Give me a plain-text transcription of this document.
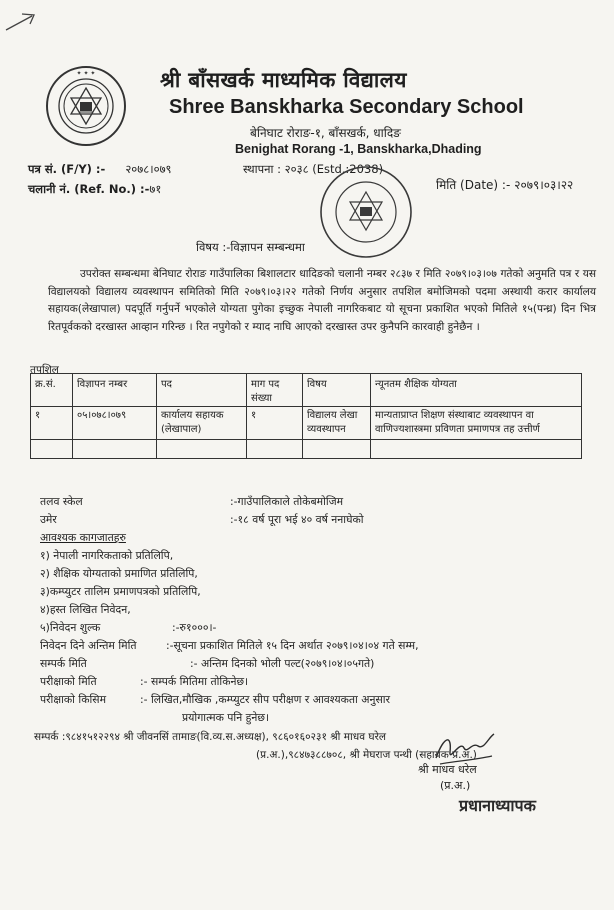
✦ ✦ ✦	श्री बाँसखर्क माध्यमिक विद्यालय
Shree Banskharka Secondary School
बेनिघाट रोराङ-१, बाँसखर्क, धादिङ
Benighat Rorang -1, Banskharka,Dhading
पत्र सं. (F/Y) :- २०७८।०७९	स्थापना : २०३८ (Estd.:2038)
चलानी नं. (Ref. No.) :-७१	मिति (Date) :- २०७९।०३।२२
विषय :-विज्ञापन सम्बन्धमा
उपरोक्त सम्बन्धमा बेनिघाट रोराङ गाउँपालिका बिशालटार धादिङको चलानी नम्बर २८३७ र मिति २०७९।०३।०७ गतेको अनुमति पत्र र यस विद्यालयको विद्यालय व्यवस्थापन समितिको मिति २०७९।०३।२२ गतेको निर्णय अनुसार तपशिल बमोजिमको पदमा अस्थायी करार कार्यालय सहायक(लेखापाल) पदपूर्ति गर्नुपर्ने भएकोले योग्यता पुगेका इच्छुक नेपाली नागरिकबाट यो सूचना प्रकाशित भएको मितिले १५(पन्ध्र) दिन भित्र रितपूर्वकको दरखास्त आव्हान गरिन्छ । रित नपुगेको र म्याद नाघि आएको दरखास्त उपर कुनैपनि कारवाही हुनेछैन ।
तपशिल
क्र.सं.	विज्ञापन नम्बर	पद	माग पद संख्या	विषय	न्यूनतम शैक्षिक योग्यता
१	०५।०७८।०७९	कार्यालय सहायक (लेखापाल)	१	विद्यालय लेखा व्यवस्थापन	मान्यताप्राप्त शिक्षण संस्थाबाट व्यवस्थापन वा वाणिज्यशास्त्रमा प्रविणता प्रमाणपत्र तह उत्तीर्ण

तलव स्केल	:-गाउँपालिकाले तोकेबमोजिम
उमेर	:-१८ वर्ष पूरा भई ४० वर्ष ननाघेको
आवश्यक कागजातहरु
१) नेपाली नागरिकताको प्रतिलिपि,
२) शैक्षिक योग्यताको प्रमाणित प्रतिलिपि,
३)कम्प्युटर तालिम प्रमाणपत्रको प्रतिलिपि,
४)हस्त लिखित निवेदन,
५)निवेदन शुल्क	:-रु१०००।-
निवेदन दिने अन्तिम मिति	:-सूचना प्रकाशित मितिले १५ दिन अर्थात २०७९।०४।०४ गते सम्म,
सम्पर्क मिति	:- अन्तिम दिनको भोली पल्ट(२०७९।०४।०५गते)
परीक्षाको मिति	:- सम्पर्क मितिमा तोकिनेछ।
परीक्षाको किसिम	:- लिखित,मौखिक ,कम्प्युटर सीप परीक्षण र आवश्यकता अनुसार
प्रयोगात्मक पनि हुनेछ।
सम्पर्क :९८४१५१२२९४ श्री जीवनसिं तामाङ(वि.व्य.स.अध्यक्ष), ९८६०१६०२३१ श्री माधव घरेल
(प्र.अ.),९८४७३८८७०८, श्री मेघराज पन्थी (सहायक प्र.अ.)
श्री माधव धरेल
(प्र.अ.)
प्रधानाध्यापक
